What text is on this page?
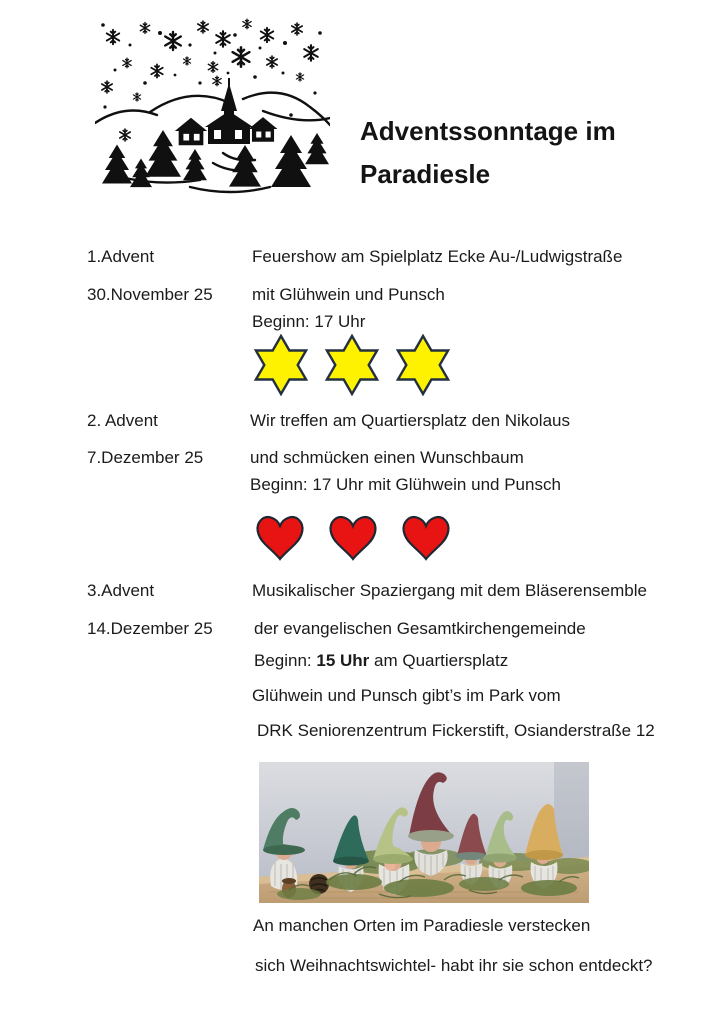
Adventssonntage im
Paradiesle
1.Advent	Feuershow am Spielplatz Ecke Au-/Ludwigstraße
30.November 25 mit Glühwein und Punsch
Beginn: 17 Uhr
2. Advent	Wir treffen am Quartiersplatz den Nikolaus
7.Dezember 25	und schmücken einen Wunschbaum
Beginn: 17 Uhr mit Glühwein und Punsch
3.Advent	Musikalischer Spaziergang mit dem Bläserensemble
14.Dezember 25 der evangelischen Gesamtkirchengemeinde
Beginn: 15 Uhr am Quartiersplatz
Glühwein und Punsch gibt’s im Park vom
DRK Seniorenzentrum Fickerstift, Osianderstraße 12
An manchen Orten im Paradiesle verstecken
sich Weihnachtswichtel- habt ihr sie schon entdeckt?
